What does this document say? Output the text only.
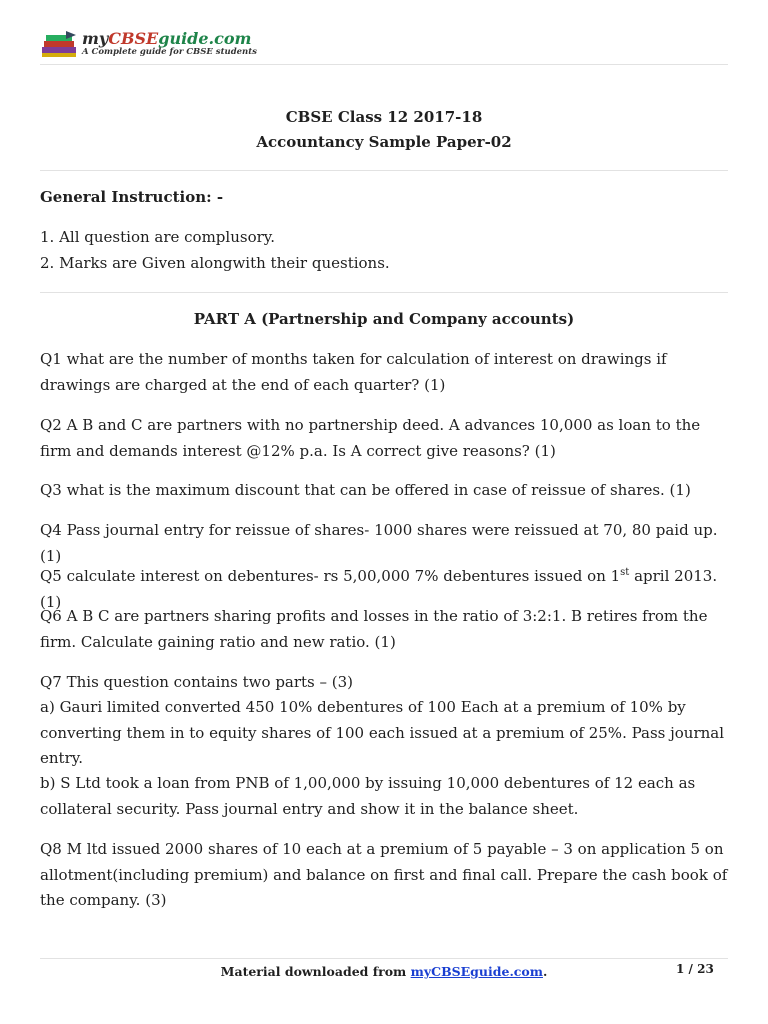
myCBSEguide.com
A Complete guide for CBSE students
CBSE Class 12 2017-18
Accountancy Sample Paper-02
General Instruction: -
1. All question are complusory.
2. Marks are Given alongwith their questions.
PART A (Partnership and Company accounts)
Q1 what are the number of months taken for calculation of interest on drawings if drawings are charged at the end of each quarter? (1)
Q2 A B and C are partners with no partnership deed. A advances 10,000 as loan to the firm and demands interest @12% p.a. Is A correct give reasons? (1)
Q3 what is the maximum discount that can be offered in case of reissue of shares. (1)
Q4 Pass journal entry for reissue of shares- 1000 shares were reissued at 70, 80 paid up. (1)
Q5 calculate interest on debentures- rs 5,00,000 7% debentures issued on 1st april 2013. (1)
Q6 A B C are partners sharing profits and losses in the ratio of 3:2:1. B retires from the firm. Calculate gaining ratio and new ratio. (1)
Q7 This question contains two parts – (3)
a) Gauri limited converted 450 10% debentures of 100 Each at a premium of 10% by converting them in to equity shares of 100 each issued at a premium of 25%. Pass journal entry.
b) S Ltd took a loan from PNB of 1,00,000 by issuing 10,000 debentures of 12 each as collateral security. Pass journal entry and show it in the balance sheet.
Q8 M ltd issued 2000 shares of 10 each at a premium of 5 payable – 3 on application 5 on allotment(including premium) and balance on first and final call. Prepare the cash book of the company. (3)
Material downloaded from myCBSEguide.com.	1 / 23
